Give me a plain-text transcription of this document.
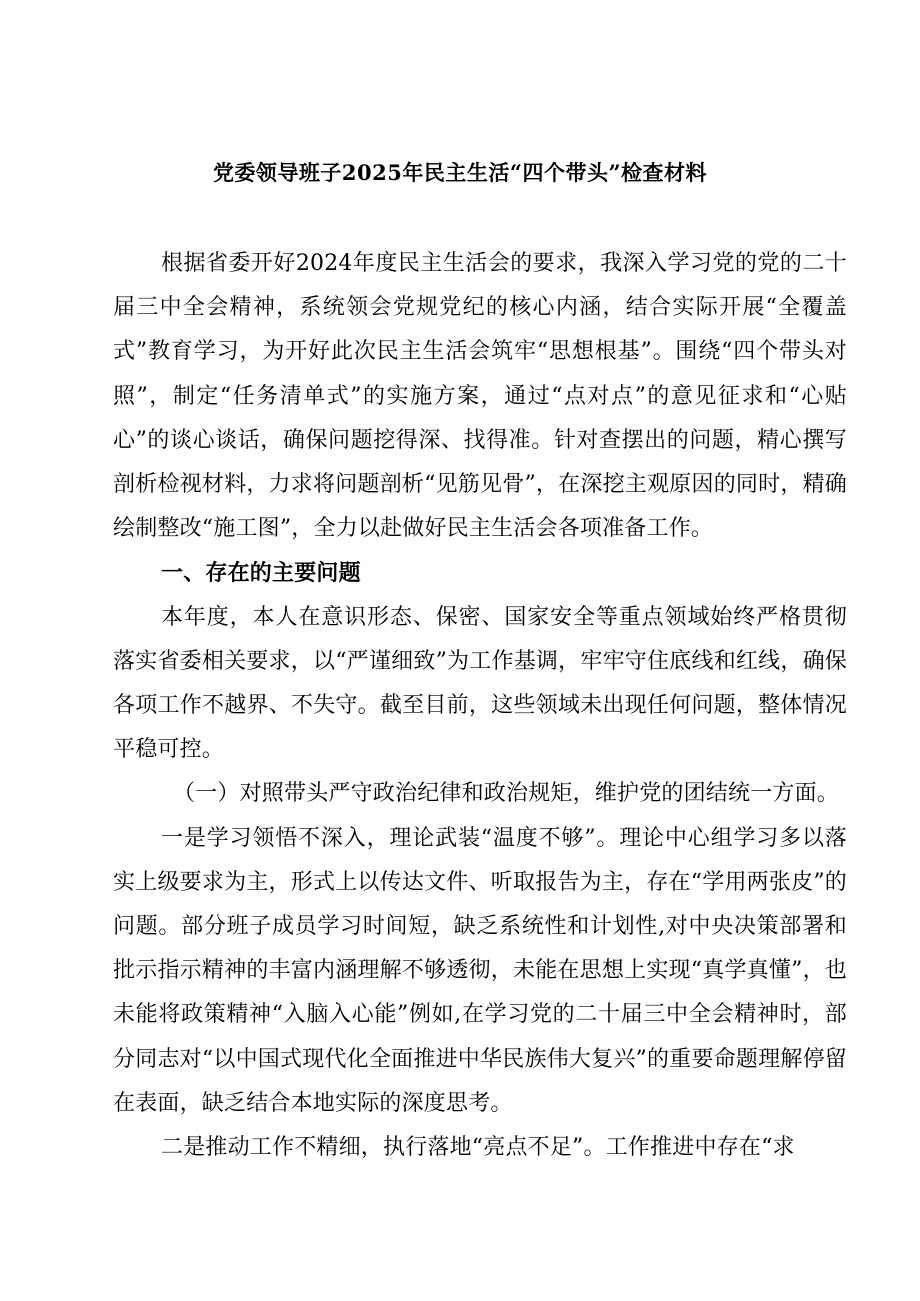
党委领导班子2025年民主生活“四个带头”检查材料

根据省委开好2024年度民主生活会的要求，我深入学习党的党的二十届三中全会精神，系统领会党规党纪的核心内涵，结合实际开展“全覆盖式”教育学习，为开好此次民主生活会筑牢“思想根基”。围绕“四个带头对照”，制定“任务清单式”的实施方案，通过“点对点”的意见征求和“心贴心”的谈心谈话，确保问题挖得深、找得准。针对查摆出的问题，精心撰写剖析检视材料，力求将问题剖析“见筋见骨”，在深挖主观原因的同时，精确绘制整改“施工图”，全力以赴做好民主生活会各项准备工作。

一、存在的主要问题

本年度，本人在意识形态、保密、国家安全等重点领域始终严格贯彻落实省委相关要求，以“严谨细致”为工作基调，牢牢守住底线和红线，确保各项工作不越界、不失守。截至目前，这些领域未出现任何问题，整体情况平稳可控。

（一）对照带头严守政治纪律和政治规矩，维护党的团结统一方面。

一是学习领悟不深入，理论武装“温度不够”。理论中心组学习多以落实上级要求为主，形式上以传达文件、听取报告为主，存在“学用两张皮”的问题。部分班子成员学习时间短，缺乏系统性和计划性,对中央决策部署和批示指示精神的丰富内涵理解不够透彻，未能在思想上实现“真学真懂”，也未能将政策精神“入脑入心能”例如,在学习党的二十届三中全会精神时，部分同志对“以中国式现代化全面推进中华民族伟大复兴”的重要命题理解停留在表面，缺乏结合本地实际的深度思考。

二是推动工作不精细，执行落地“亮点不足”。工作推进中存在“求
